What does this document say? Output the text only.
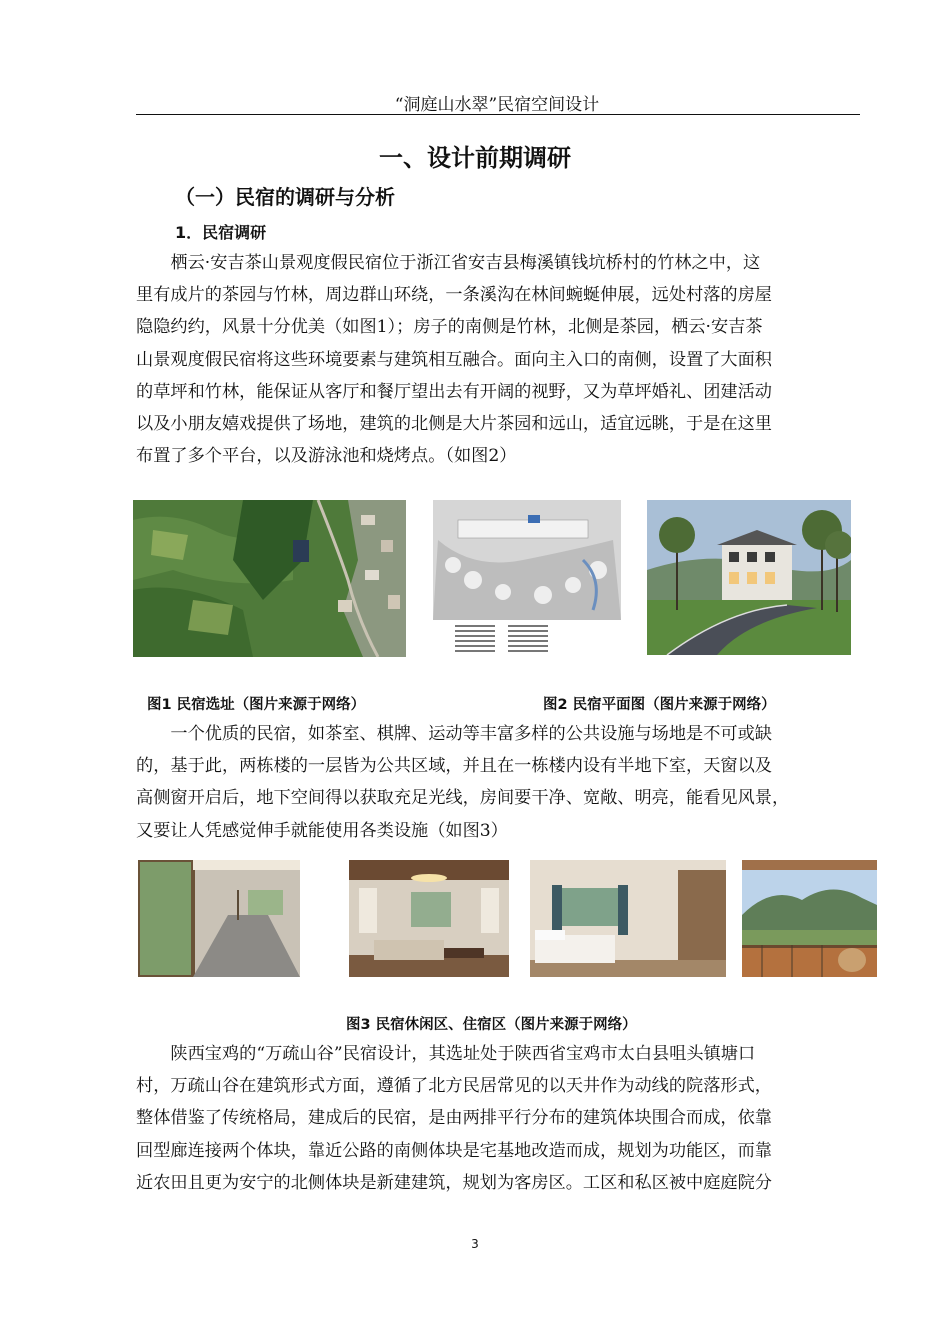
“洞庭山水翠”民宿空间设计
一、设计前期调研
（一）民宿的调研与分析
1．民宿调研
栖云·安吉茶山景观度假民宿位于浙江省安吉县梅溪镇钱坑桥村的竹林之中，这
里有成片的茶园与竹林，周边群山环绕，一条溪沟在林间蜿蜒伸展，远处村落的房屋
隐隐约约，风景十分优美（如图1）；房子的南侧是竹林，北侧是茶园，栖云·安吉茶
山景观度假民宿将这些环境要素与建筑相互融合。面向主入口的南侧，设置了大面积
的草坪和竹林，能保证从客厅和餐厅望出去有开阔的视野，又为草坪婚礼、团建活动
以及小朋友嬉戏提供了场地，建筑的北侧是大片茶园和远山，适宜远眺，于是在这里
布置了多个平台，以及游泳池和烧烤点。（如图2）
图1 民宿选址（图片来源于网络）	图2 民宿平面图（图片来源于网络）
一个优质的民宿，如茶室、棋牌、运动等丰富多样的公共设施与场地是不可或缺
的，基于此，两栋楼的一层皆为公共区域，并且在一栋楼内设有半地下室，天窗以及
高侧窗开启后，地下空间得以获取充足光线，房间要干净、宽敞、明亮，能看见风景，
又要让人凭感觉伸手就能使用各类设施（如图3）
图3 民宿休闲区、住宿区（图片来源于网络）
陕西宝鸡的“万疏山谷”民宿设计，其选址处于陕西省宝鸡市太白县咀头镇塘口
村，万疏山谷在建筑形式方面，遵循了北方民居常见的以天井作为动线的院落形式，
整体借鉴了传统格局，建成后的民宿，是由两排平行分布的建筑体块围合而成，依靠
回型廊连接两个体块，靠近公路的南侧体块是宅基地改造而成，规划为功能区，而靠
近农田且更为安宁的北侧体块是新建建筑，规划为客房区。工区和私区被中庭庭院分
3
